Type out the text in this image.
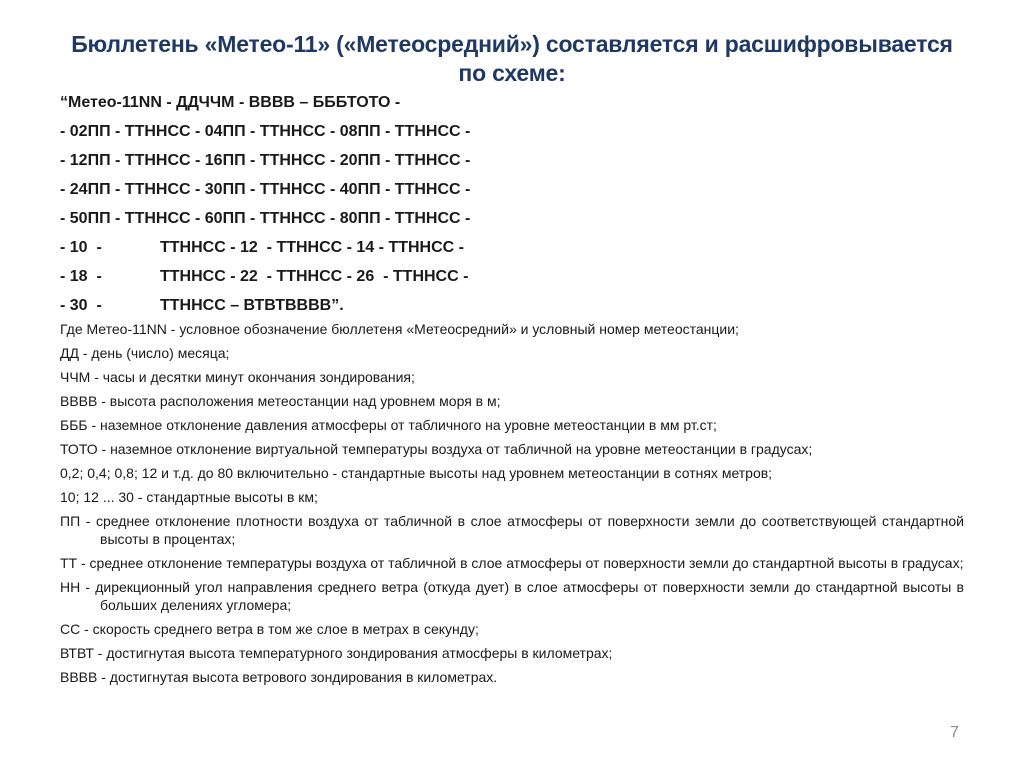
Бюллетень «Метео-11» («Метеосредний») составляется и расшифровывается по схеме:
“Метео-11NN - ДДЧЧМ - ВВВВ – БББТОТО -
- 02ПП - ТТННСС - 04ПП - ТТННСС - 08ПП - ТТННСС -
- 12ПП - ТТННСС - 16ПП - ТТННСС - 20ПП - ТТННСС -
- 24ПП - ТТННСС - 30ПП - ТТННСС - 40ПП - ТТННСС -
- 50ПП - ТТННСС - 60ПП - ТТННСС - 80ПП - ТТННСС -
- 10  -	ТТННСС - 12  - ТТННСС - 14 - ТТННСС -
- 18  -	ТТННСС - 22  - ТТННСС - 26  - ТТННСС -
- 30  -	ТТННСС – ВТВТВВВВ”.
Где Метео-11NN - условное обозначение бюллетеня «Метеосредний» и условный номер метеостанции;
ДД - день (число) месяца;
ЧЧМ - часы и десятки минут окончания зондирования;
ВВВВ - высота расположения метеостанции над уровнем моря в м;
БББ - наземное отклонение давления атмосферы от табличного на уровне метеостанции в мм рт.ст;
ТОТО - наземное отклонение виртуальной температуры воздуха от табличной на уровне метеостанции в градусах;
0,2; 0,4; 0,8; 12 и т.д. до 80 включительно - стандартные высоты над уровнем метеостанции в сотнях метров;
10; 12 ... 30 - стандартные высоты в км;
ПП - среднее отклонение плотности воздуха от табличной в слое атмосферы от поверхности земли до соответствующей стандартной высоты в процентах;
ТТ - среднее отклонение температуры воздуха от табличной в слое атмосферы от поверхности земли до стандартной высоты в градусах;
НН - дирекционный угол направления среднего ветра (откуда дует) в слое атмосферы от поверхности земли до стандартной высоты в больших делениях угломера;
СС - скорость среднего ветра в том же слое в метрах в секунду;
ВТВТ - достигнутая высота температурного зондирования атмосферы в километрах;
ВВВВ - достигнутая высота ветрового зондирования в километрах.
7
